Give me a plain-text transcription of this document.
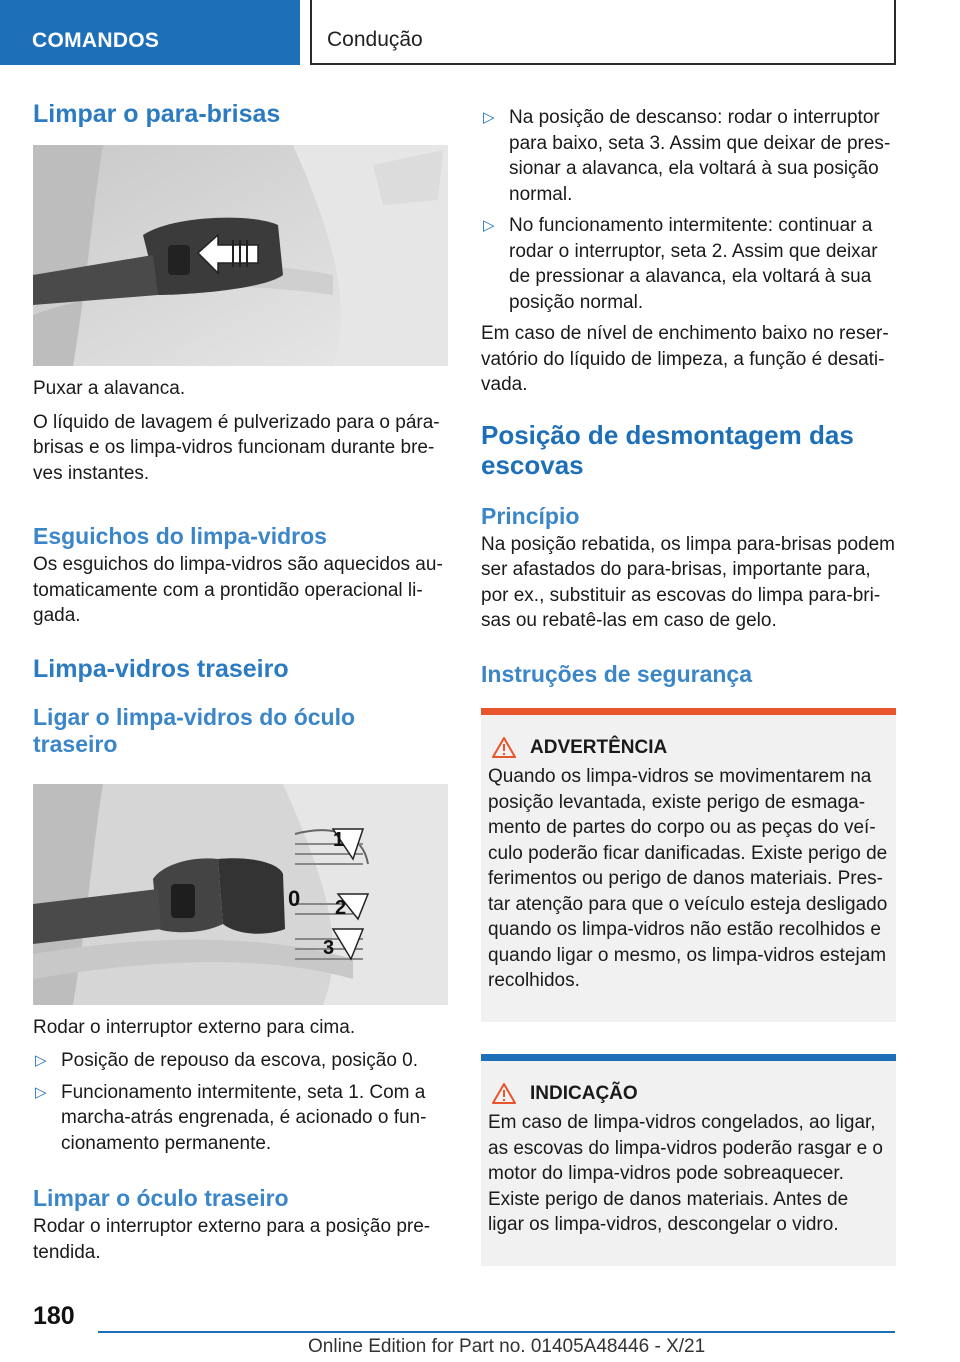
COMANDOS	Condução
Limpar o para-brisas

Puxar a alavanca.

O líquido de lavagem é pulverizado para o pára-brisas e os limpa-vidros funcionam durante breves instantes.

Esguichos do limpa-vidros

Os esguichos do limpa-vidros são aquecidos automaticamente com a prontidão operacional ligada.

Limpa-vidros traseiro
Ligar o limpa-vidros do óculo traseiro
1
0 2
3

Rodar o interruptor externo para cima.

▷ Posição de repouso da escova, posição 0.
▷ Funcionamento intermitente, seta 1. Com a marcha-atrás engrenada, é acionado o funcionamento permanente.
Limpar o óculo traseiro

Rodar o interruptor externo para a posição pretendida.

▷ Na posição de descanso: rodar o interruptor para baixo, seta 3. Assim que deixar de pressionar a alavanca, ela voltará à sua posição normal.
▷ No funcionamento intermitente: continuar a rodar o interruptor, seta 2. Assim que deixar de pressionar a alavanca, ela voltará à sua posição normal.

Em caso de nível de enchimento baixo no reservatório do líquido de limpeza, a função é desativada.

Posição de desmontagem das escovas
Princípio

Na posição rebatida, os limpa para-brisas podem ser afastados do para-brisas, importante para, por ex., substituir as escovas do limpa para-brisas ou rebatê-las em caso de gelo.

Instruções de segurança
ADVERTÊNCIA

Quando os limpa-vidros se movimentarem na posição levantada, existe perigo de esmagamento de partes do corpo ou as peças do veículo poderão ficar danificadas. Existe perigo de ferimentos ou perigo de danos materiais. Prestar atenção para que o veículo esteja desligado quando os limpa-vidros não estão recolhidos e quando ligar o mesmo, os limpa-vidros estejam recolhidos.

INDICAÇÃO

Em caso de limpa-vidros congelados, ao ligar, as escovas do limpa-vidros poderão rasgar e o motor do limpa-vidros pode sobreaquecer. Existe perigo de danos materiais. Antes de ligar os limpa-vidros, descongelar o vidro.

180
Online Edition for Part no. 01405A48446 - X/21
